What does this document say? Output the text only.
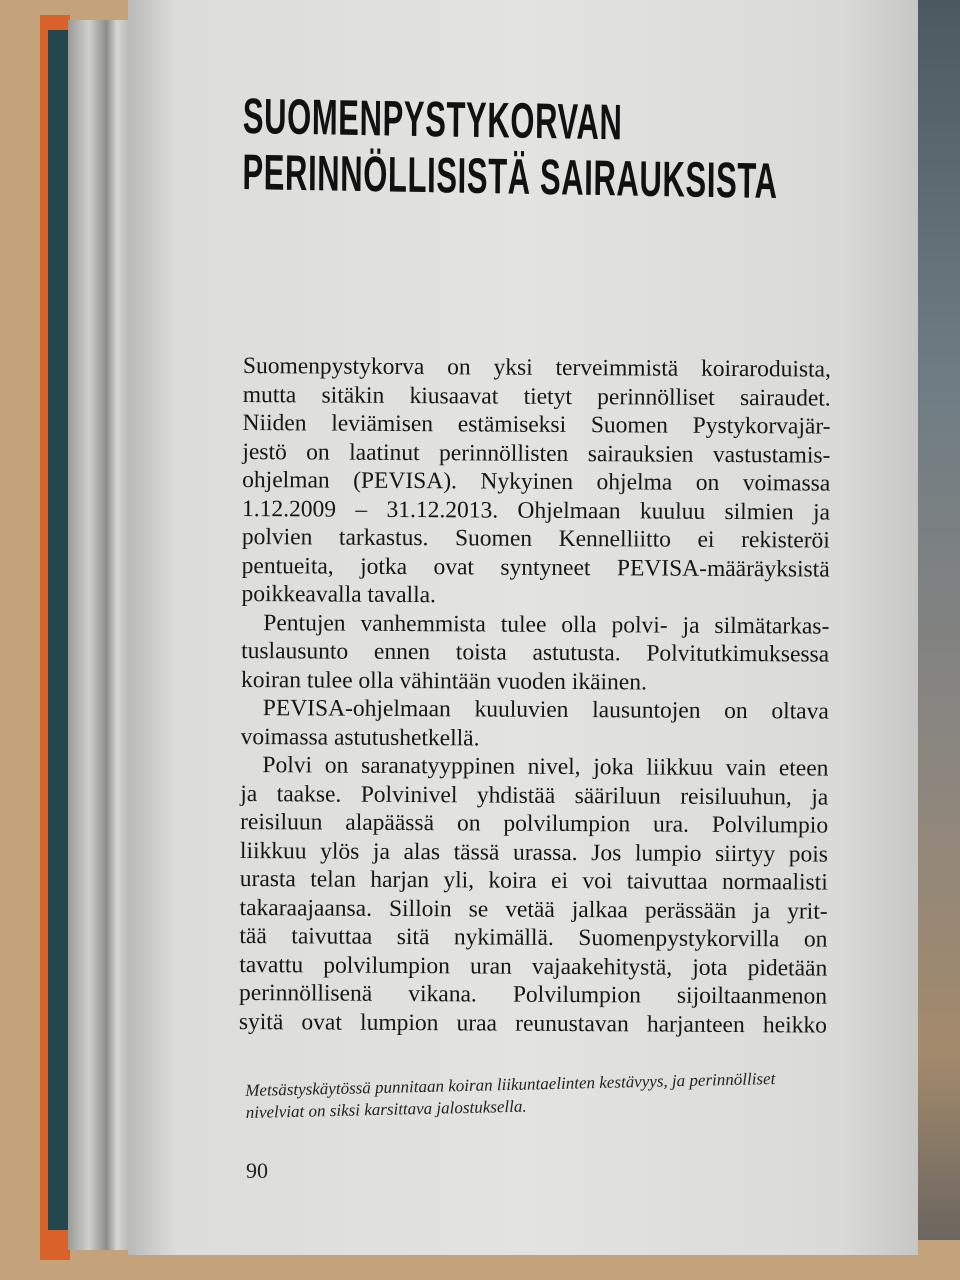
SUOMENPYSTYKORVAN
PERINNÖLLISISTÄ SAIRAUKSISTA
Suomenpystykorva on yksi terveimmistä koiraroduista,
mutta sitäkin kiusaavat tietyt perinnölliset sairaudet.
Niiden leviämisen estämiseksi Suomen Pystykorvajär-
jestö on laatinut perinnöllisten sairauksien vastustamis-
ohjelman (PEVISA). Nykyinen ohjelma on voimassa
1.12.2009 – 31.12.2013. Ohjelmaan kuuluu silmien ja
polvien tarkastus. Suomen Kennelliitto ei rekisteröi
pentueita, jotka ovat syntyneet PEVISA-määräyksistä
poikkeavalla tavalla.
Pentujen vanhemmista tulee olla polvi- ja silmätarkas-
tuslausunto ennen toista astutusta. Polvitutkimuksessa
koiran tulee olla vähintään vuoden ikäinen.
PEVISA-ohjelmaan kuuluvien lausuntojen on oltava
voimassa astutushetkellä.
Polvi on saranatyyppinen nivel, joka liikkuu vain eteen
ja taakse. Polvinivel yhdistää sääriluun reisiluuhun, ja
reisiluun alapäässä on polvilumpion ura. Polvilumpio
liikkuu ylös ja alas tässä urassa. Jos lumpio siirtyy pois
urasta telan harjan yli, koira ei voi taivuttaa normaalisti
takaraajaansa. Silloin se vetää jalkaa perässään ja yrit-
tää taivuttaa sitä nykimällä. Suomenpystykorvilla on
tavattu polvilumpion uran vajaakehitystä, jota pidetään
perinnöllisenä vikana. Polvilumpion sijoiltaanmenon
syitä ovat lumpion uraa reunustavan harjanteen heikko
Metsästyskäytössä punnitaan koiran liikuntaelinten kestävyys, ja perinnölliset
nivelviat on siksi karsittava jalostuksella.
90
